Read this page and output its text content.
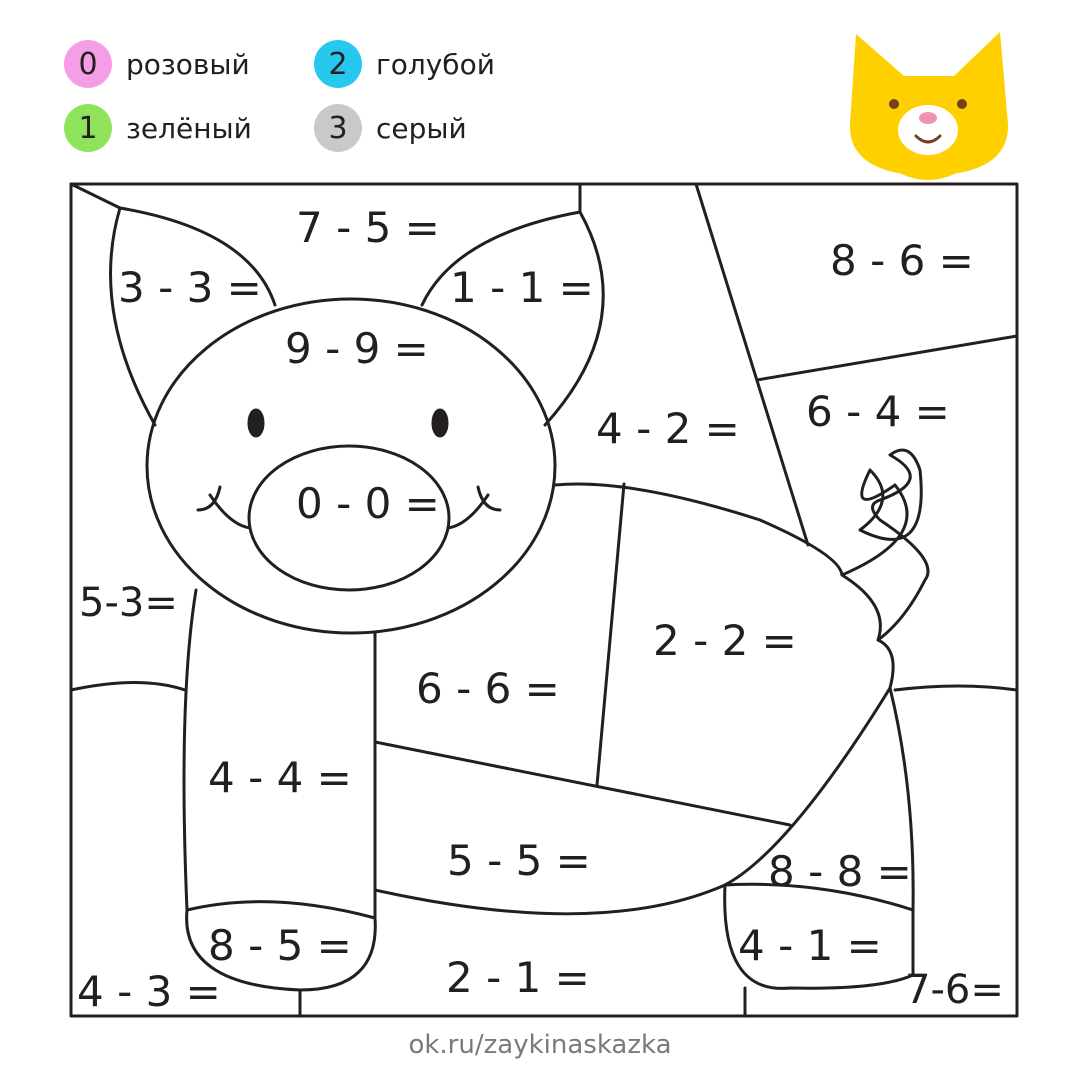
0 розовый
1 зелёный
2 голубой
3 серый
7 - 5 =
8 - 6 =
3 - 3 =	1 - 1 =
9 - 9 =
0 - 0 =
4 - 2 = 6 - 4 =
5-3=
2 - 2 =
6 - 6 =
4 - 4 =
5 - 5 =	8 - 8 =
8 - 5 =	4 - 1 =
4 - 3 =	2 - 1 =	7-6=
ok.ru/zaykinaskazka
